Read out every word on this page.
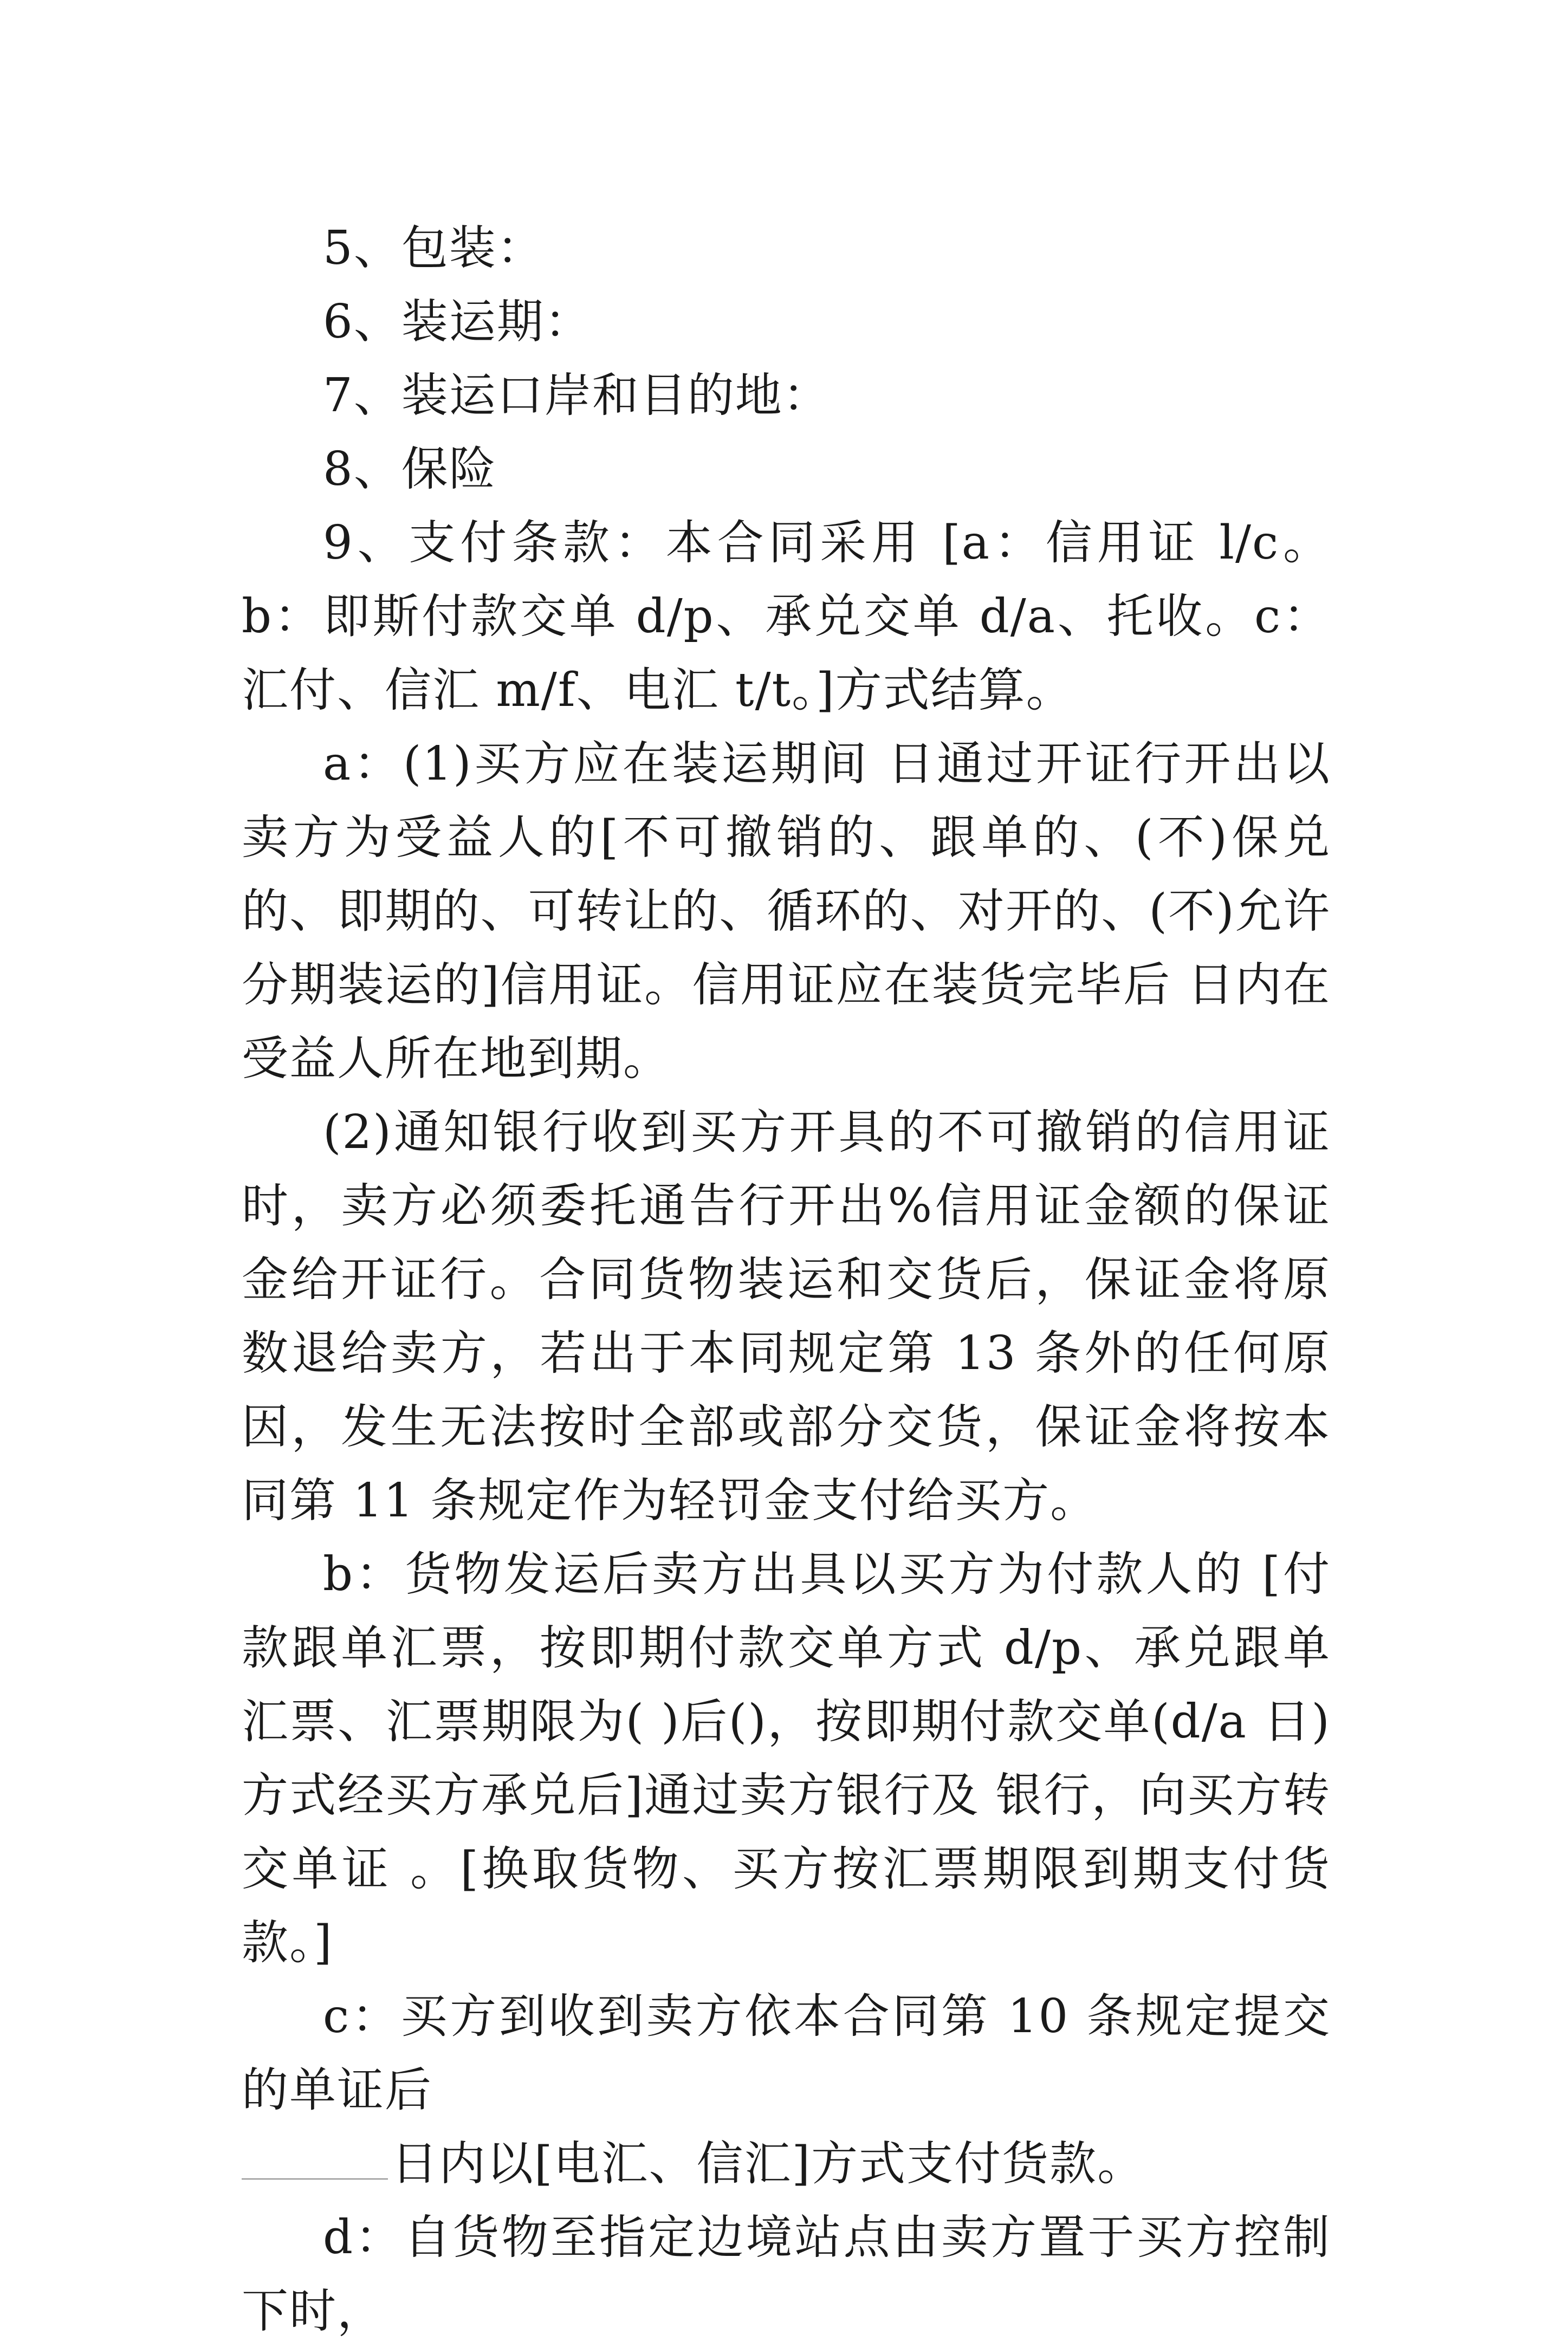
5、包装：

6、装运期：

7、装运口岸和目的地：

8、保险

9、支付条款：本合同采用 [a：信用证 l/c。b：即斯付款交单 d/p、承兑交单 d/a、托收。c：汇付、信汇 m/f、电汇 t/t。]方式结算。

a：(1)买方应在装运期间 日通过开证行开出以卖方为受益人的[不可撤销的、跟单的、(不)保兑的、即期的、可转让的、循环的、对开的、(不)允许分期装运的]信用证。信用证应在装货完毕后 日内在受益人所在地到期。

(2)通知银行收到买方开具的不可撤销的信用证时，卖方必须委托通告行开出%信用证金额的保证金给开证行。合同货物装运和交货后，保证金将原数退给卖方，若出于本同规定第 13 条外的任何原因，发生无法按时全部或部分交货，保证金将按本同第 11 条规定作为轻罚金支付给买方。

b：货物发运后卖方出具以买方为付款人的 [付款跟单汇票，按即期付款交单方式 d/p、承兑跟单汇票、汇票期限为( )后()，按即期付款交单(d/a 日)方式经买方承兑后]通过卖方银行及 银行，向买方转交单证 。[换取货物、买方按汇票期限到期支付货款。]

c：买方到收到卖方依本合同第 10 条规定提交的单证后

日内以[电汇、信汇]方式支付货款。

d：自货物至指定边境站点由卖方置于买方控制下时，
